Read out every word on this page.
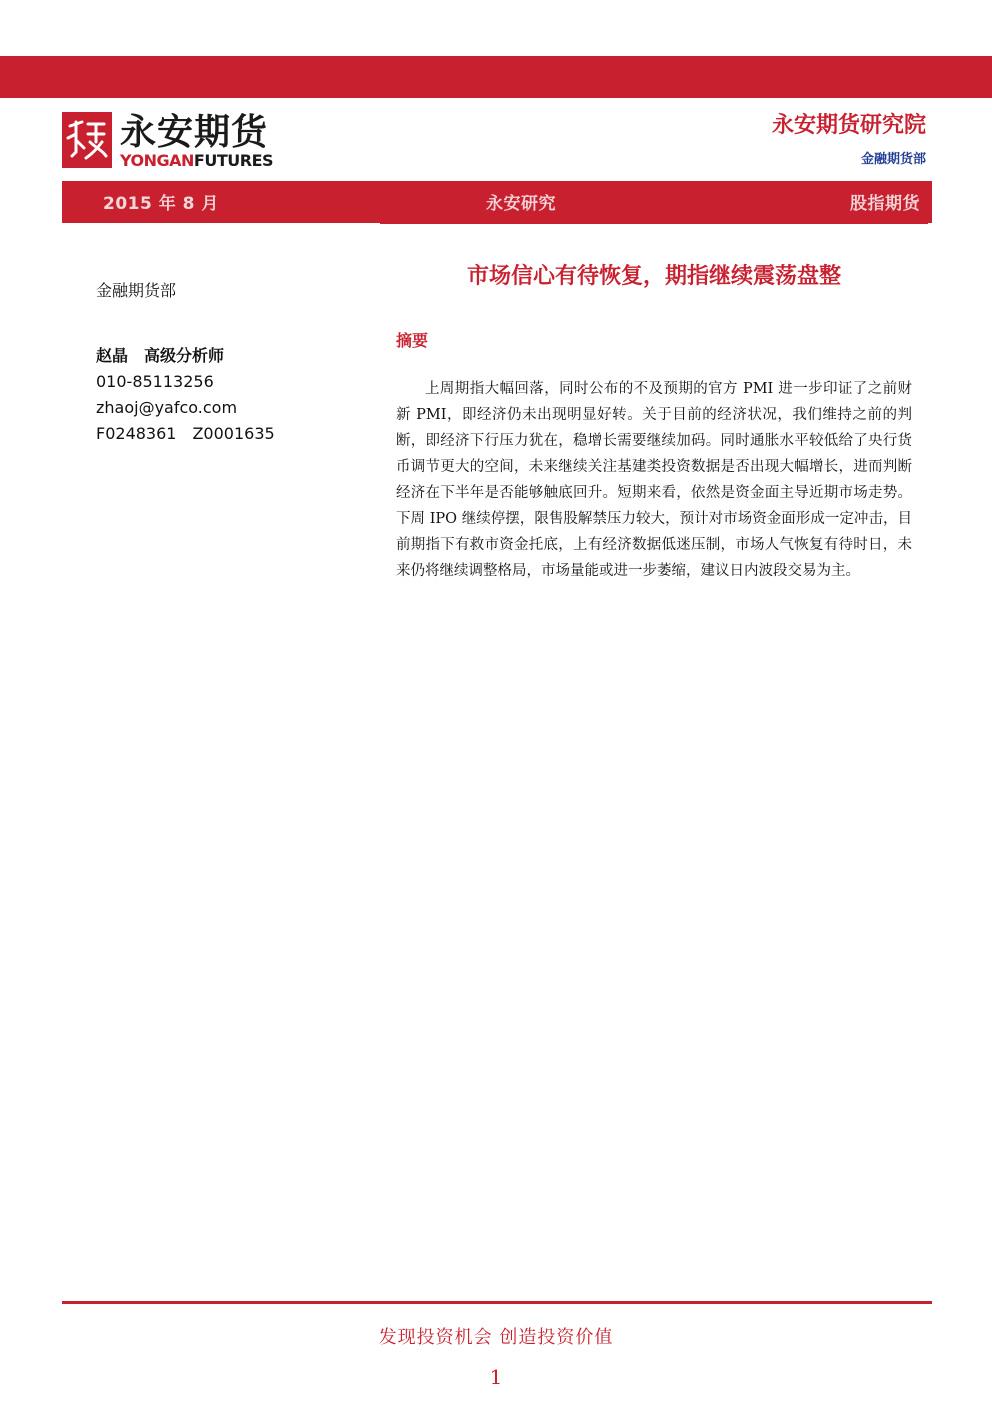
永安期货
YONGANFUTURES
永安期货研究院
金融期货部
2015 年 8 月	永安研究	股指期货
金融期货部
赵晶　高级分析师
010-85113256
zhaoj@yafco.com
F0248361　Z0001635
市场信心有待恢复，期指继续震荡盘整
摘要

上周期指大幅回落，同时公布的不及预期的官方 PMI 进一步印证了之前财新 PMI，即经济仍未出现明显好转。关于目前的经济状况，我们维持之前的判断，即经济下行压力犹在，稳增长需要继续加码。同时通胀水平较低给了央行货币调节更大的空间，未来继续关注基建类投资数据是否出现大幅增长，进而判断经济在下半年是否能够触底回升。短期来看，依然是资金面主导近期市场走势。下周 IPO 继续停摆，限售股解禁压力较大，预计对市场资金面形成一定冲击，目前期指下有救市资金托底，上有经济数据低迷压制，市场人气恢复有待时日，未来仍将继续调整格局，市场量能或进一步萎缩，建议日内波段交易为主。

发现投资机会 创造投资价值
1
